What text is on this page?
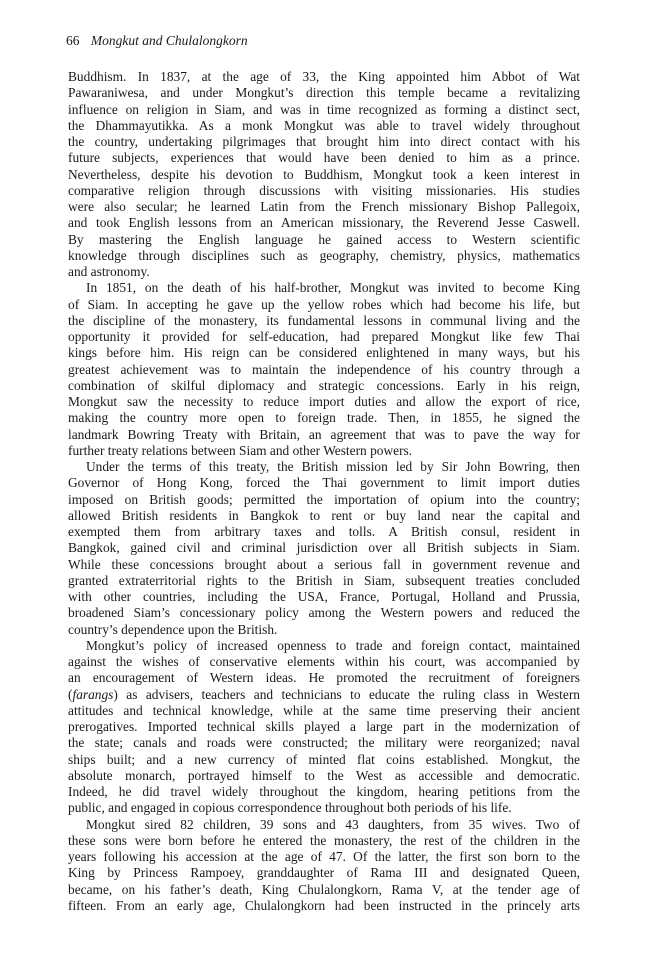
66 Mongkut and Chulalongkorn
Buddhism. In 1837, at the age of 33, the King appointed him Abbot of Wat
Pawaraniwesa, and under Mongkut’s direction this temple became a revitalizing
influence on religion in Siam, and was in time recognized as forming a distinct sect,
the Dhammayutikka. As a monk Mongkut was able to travel widely throughout
the country, undertaking pilgrimages that brought him into direct contact with his
future subjects, experiences that would have been denied to him as a prince.
Nevertheless, despite his devotion to Buddhism, Mongkut took a keen interest in
comparative religion through discussions with visiting missionaries. His studies
were also secular; he learned Latin from the French missionary Bishop Pallegoix,
and took English lessons from an American missionary, the Reverend Jesse Caswell.
By mastering the English language he gained access to Western scientific
knowledge through disciplines such as geography, chemistry, physics, mathematics
and astronomy.
In 1851, on the death of his half-brother, Mongkut was invited to become King
of Siam. In accepting he gave up the yellow robes which had become his life, but
the discipline of the monastery, its fundamental lessons in communal living and the
opportunity it provided for self-education, had prepared Mongkut like few Thai
kings before him. His reign can be considered enlightened in many ways, but his
greatest achievement was to maintain the independence of his country through a
combination of skilful diplomacy and strategic concessions. Early in his reign,
Mongkut saw the necessity to reduce import duties and allow the export of rice,
making the country more open to foreign trade. Then, in 1855, he signed the
landmark Bowring Treaty with Britain, an agreement that was to pave the way for
further treaty relations between Siam and other Western powers.
Under the terms of this treaty, the British mission led by Sir John Bowring, then
Governor of Hong Kong, forced the Thai government to limit import duties
imposed on British goods; permitted the importation of opium into the country;
allowed British residents in Bangkok to rent or buy land near the capital and
exempted them from arbitrary taxes and tolls. A British consul, resident in
Bangkok, gained civil and criminal jurisdiction over all British subjects in Siam.
While these concessions brought about a serious fall in government revenue and
granted extraterritorial rights to the British in Siam, subsequent treaties concluded
with other countries, including the USA, France, Portugal, Holland and Prussia,
broadened Siam’s concessionary policy among the Western powers and reduced the
country’s dependence upon the British.
Mongkut’s policy of increased openness to trade and foreign contact, maintained
against the wishes of conservative elements within his court, was accompanied by
an encouragement of Western ideas. He promoted the recruitment of foreigners
(farangs) as advisers, teachers and technicians to educate the ruling class in Western
attitudes and technical knowledge, while at the same time preserving their ancient
prerogatives. Imported technical skills played a large part in the modernization of
the state; canals and roads were constructed; the military were reorganized; naval
ships built; and a new currency of minted flat coins established. Mongkut, the
absolute monarch, portrayed himself to the West as accessible and democratic.
Indeed, he did travel widely throughout the kingdom, hearing petitions from the
public, and engaged in copious correspondence throughout both periods of his life.
Mongkut sired 82 children, 39 sons and 43 daughters, from 35 wives. Two of
these sons were born before he entered the monastery, the rest of the children in the
years following his accession at the age of 47. Of the latter, the first son born to the
King by Princess Rampoey, granddaughter of Rama III and designated Queen,
became, on his father’s death, King Chulalongkorn, Rama V, at the tender age of
fifteen. From an early age, Chulalongkorn had been instructed in the princely arts
